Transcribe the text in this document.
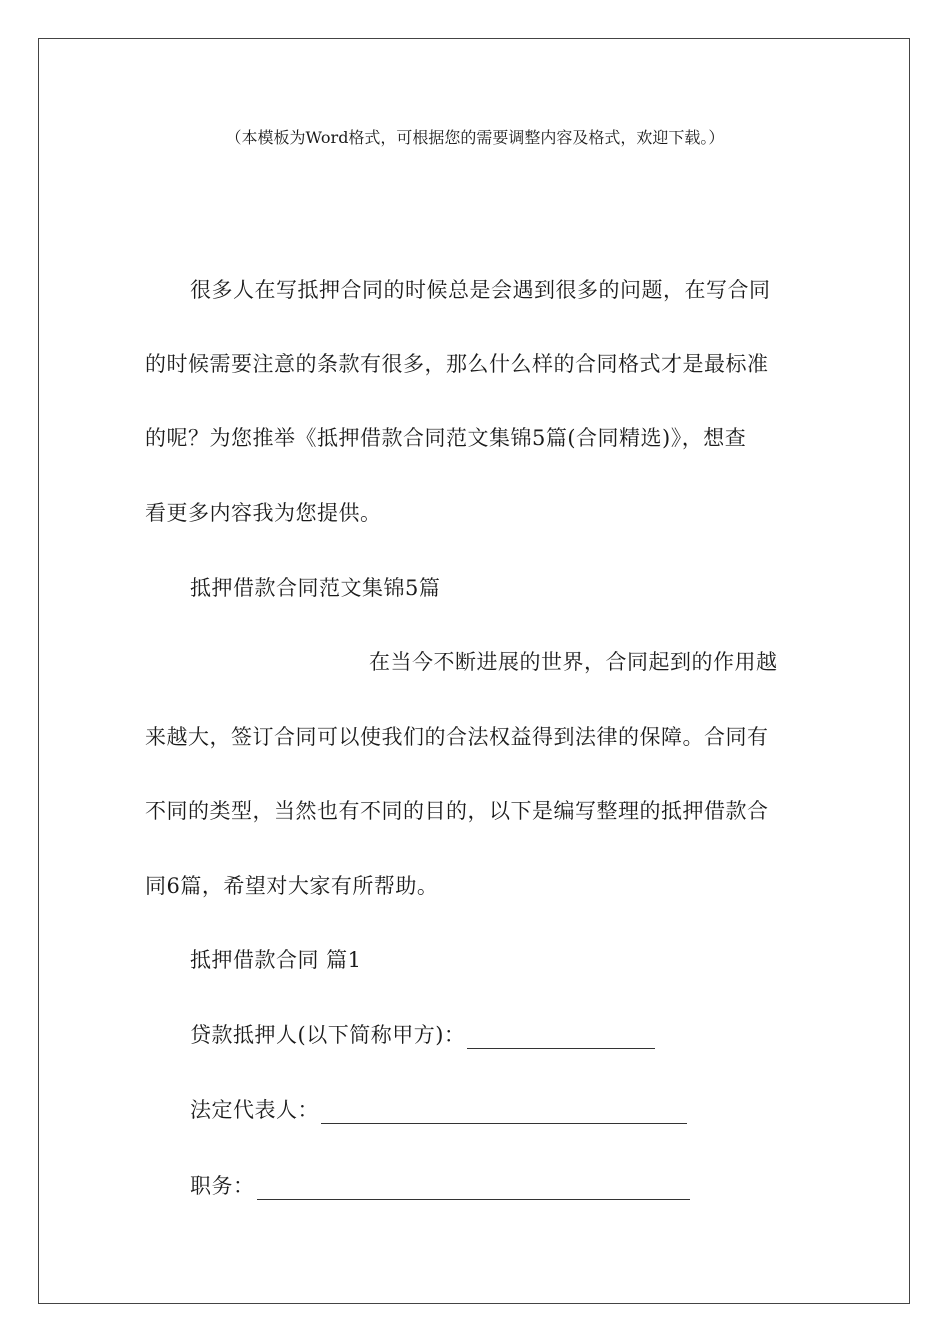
（本模板为Word格式，可根据您的需要调整内容及格式，欢迎下载。）
很多人在写抵押合同的时候总是会遇到很多的问题，在写合同
的时候需要注意的条款有很多，那么什么样的合同格式才是最标准
的呢？为您推举《抵押借款合同范文集锦5篇(合同精选)》，想查
看更多内容我为您提供。
抵押借款合同范文集锦5篇
在当今不断进展的世界，合同起到的作用越
来越大，签订合同可以使我们的合法权益得到法律的保障。合同有
不同的类型，当然也有不同的目的，以下是编写整理的抵押借款合
同6篇，希望对大家有所帮助。
抵押借款合同 篇1
贷款抵押人(以下简称甲方)：
法定代表人：
职务：
